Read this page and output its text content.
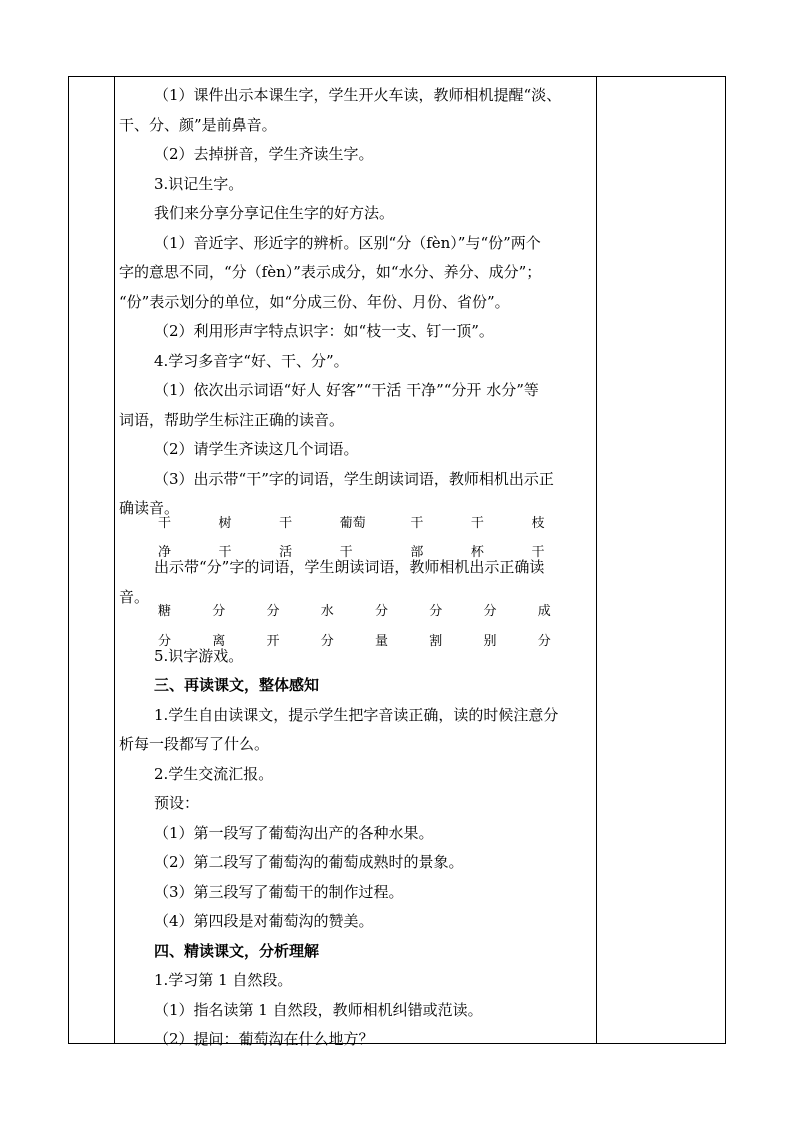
（1）课件出示本课生字，学生开火车读，教师相机提醒“淡、
干、分、颜”是前鼻音。
（2）去掉拼音，学生齐读生字。
3.识记生字。
我们来分享分享记住生字的好方法。
（1）音近字、形近字的辨析。区别“分（fèn）”与“份”两个
字的意思不同，“分（fèn）”表示成分，如“水分、养分、成分”；
“份”表示划分的单位，如“分成三份、年份、月份、省份”。
（2）利用形声字特点识字：如“枝一支、钉一顶”。
4.学习多音字“好、干、分”。
（1）依次出示词语“好人 好客”“干活 干净”“分开 水分”等
词语，帮助学生标注正确的读音。
（2）请学生齐读这几个词语。
（3）出示带“干”字的词语，学生朗读词语，教师相机出示正
确读音。
干净
树干
干活
葡萄干
干部
干杯
枝干
出示带“分”字的词语，学生朗读词语，教师相机出示正确读
音。
糖分
分离
分开
水分
分量
分割
分别
成分
5.识字游戏。
三、再读课文，整体感知
1.学生自由读课文，提示学生把字音读正确，读的时候注意分
析每一段都写了什么。
2.学生交流汇报。
预设：
（1）第一段写了葡萄沟出产的各种水果。
（2）第二段写了葡萄沟的葡萄成熟时的景象。
（3）第三段写了葡萄干的制作过程。
（4）第四段是对葡萄沟的赞美。
四、精读课文，分析理解
1.学习第 1 自然段。
（1）指名读第 1 自然段，教师相机纠错或范读。
（2）提问：葡萄沟在什么地方？
